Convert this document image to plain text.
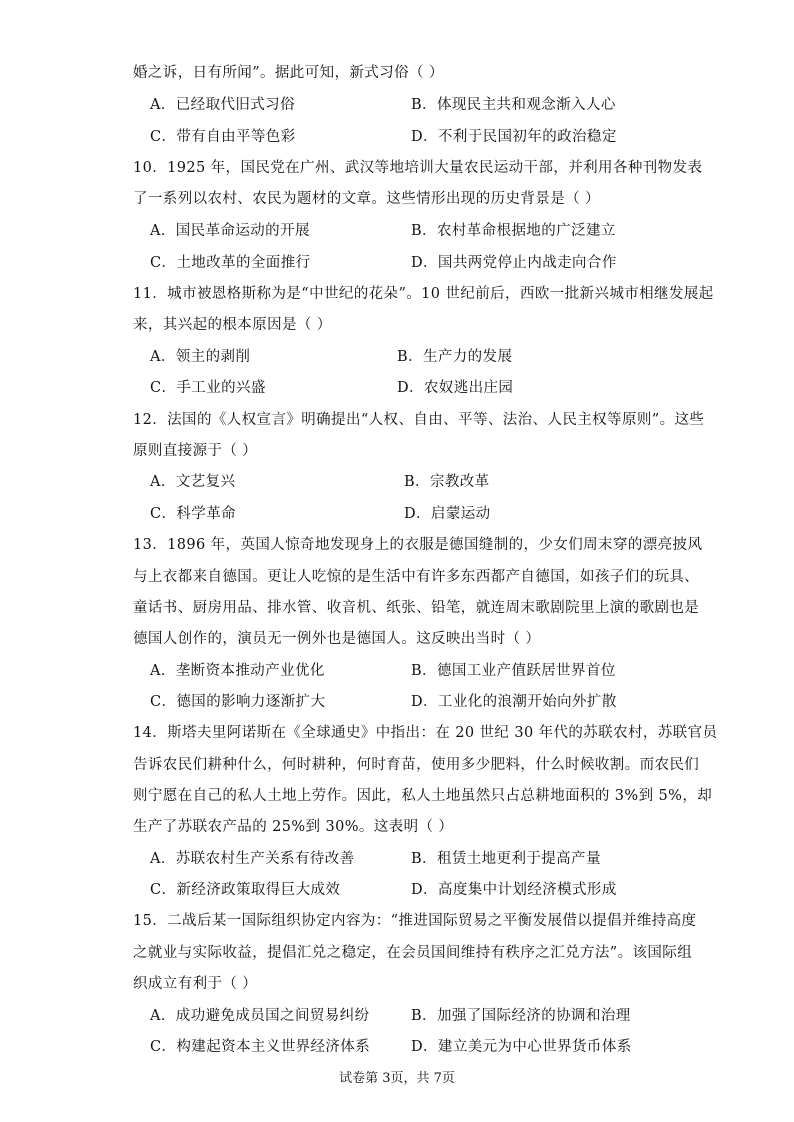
婚之诉，日有所闻”。据此可知，新式习俗（ ）
A．已经取代旧式习俗	B．体现民主共和观念渐入人心
C．带有自由平等色彩	D．不利于民国初年的政治稳定
10．1925 年，国民党在广州、武汉等地培训大量农民运动干部，并利用各种刊物发表
了一系列以农村、农民为题材的文章。这些情形出现的历史背景是（ ）
A．国民革命运动的开展	B．农村革命根据地的广泛建立
C．土地改革的全面推行	D．国共两党停止内战走向合作
11．城市被恩格斯称为是“中世纪的花朵”。10 世纪前后，西欧一批新兴城市相继发展起
来，其兴起的根本原因是（ ）
A．领主的剥削	B．生产力的发展
C．手工业的兴盛	D．农奴逃出庄园
12．法国的《人权宣言》明确提出“人权、自由、平等、法治、人民主权等原则”。这些
原则直接源于（ ）
A．文艺复兴	B．宗教改革
C．科学革命	D．启蒙运动
13．1896 年，英国人惊奇地发现身上的衣服是德国缝制的，少女们周末穿的漂亮披风
与上衣都来自德国。更让人吃惊的是生活中有许多东西都产自德国，如孩子们的玩具、
童话书、厨房用品、排水管、收音机、纸张、铅笔，就连周末歌剧院里上演的歌剧也是
德国人创作的，演员无一例外也是德国人。这反映出当时（ ）
A．垄断资本推动产业优化	B．德国工业产值跃居世界首位
C．德国的影响力逐渐扩大	D．工业化的浪潮开始向外扩散
14．斯塔夫里阿诺斯在《全球通史》中指出：在 20 世纪 30 年代的苏联农村，苏联官员
告诉农民们耕种什么，何时耕种，何时育苗，使用多少肥料，什么时候收割。而农民们
则宁愿在自己的私人土地上劳作。因此，私人土地虽然只占总耕地面积的 3%到 5%，却
生产了苏联农产品的 25%到 30%。这表明（ ）
A．苏联农村生产关系有待改善	B．租赁土地更利于提高产量
C．新经济政策取得巨大成效	D．高度集中计划经济模式形成
15．二战后某一国际组织协定内容为：“推进国际贸易之平衡发展借以提倡并维持高度
之就业与实际收益，提倡汇兑之稳定，在会员国间维持有秩序之汇兑方法”。该国际组
织成立有利于（ ）
A．成功避免成员国之间贸易纠纷	B．加强了国际经济的协调和治理
C．构建起资本主义世界经济体系	D．建立美元为中心世界货币体系
试卷第 3页，共 7页
